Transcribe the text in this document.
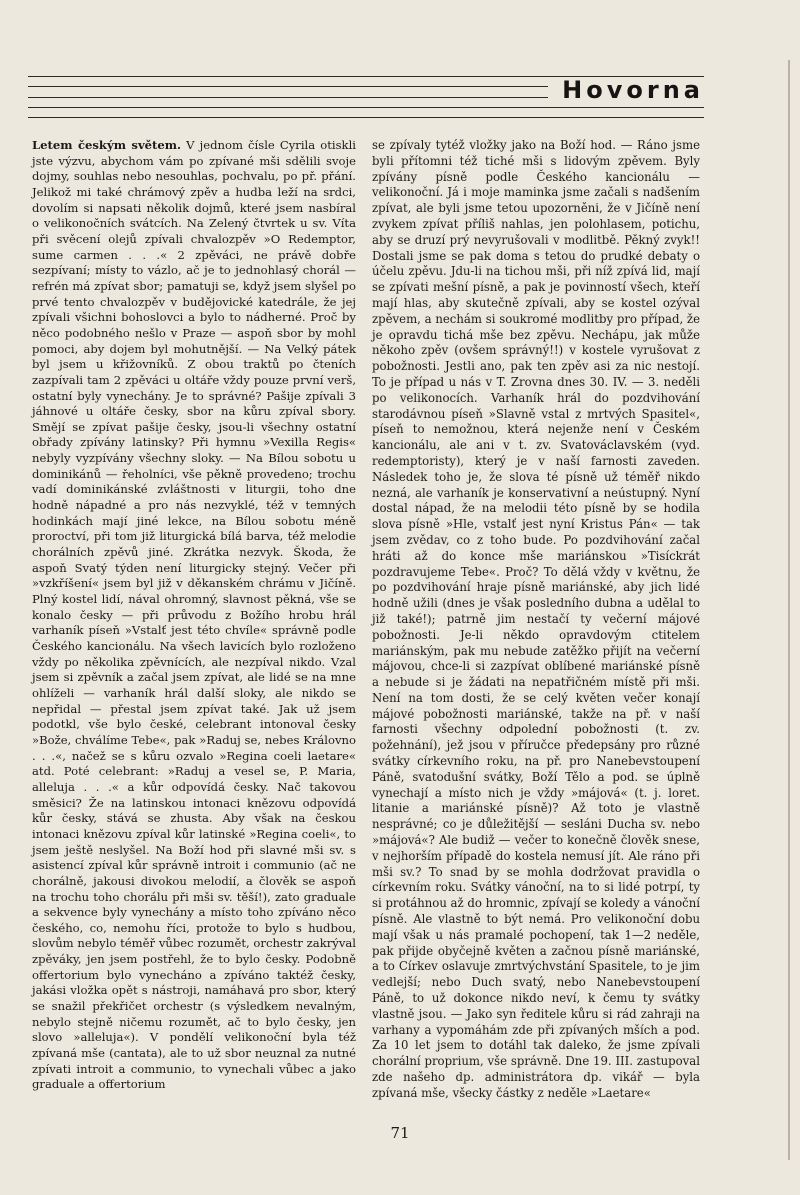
Hovorna

Letem českým světem. V jednom čísle Cyrila otiskli jste výzvu, abychom vám po zpívané mši sdělili svoje dojmy, souhlas nebo nesouhlas, pochvalu, po př. přání. Jelikož mi také chrámový zpěv a hudba leží na srdci, dovolím si napsati několik dojmů, které jsem nasbíral o velikonočních svátcích. Na Zelený čtvrtek u sv. Víta při svěcení olejů zpívali chvalozpěv »O Redemptor, sume carmen . . .« 2 zpěváci, ne právě dobře sezpívaní; místy to vázlo, ač je to jednohlasý chorál — refrén má zpívat sbor; pamatuji se, když jsem slyšel po prvé tento chvalozpěv v budějovické katedrále, že jej zpívali všichni bohoslovci a bylo to nádherné. Proč by něco podobného nešlo v Praze — aspoň sbor by mohl pomoci, aby dojem byl mohutnější. — Na Velký pátek byl jsem u křižovníků. Z obou traktů po čteních zazpívali tam 2 zpěváci u oltáře vždy pouze první verš, ostatní byly vynechány. Je to správné? Pašije zpívali 3 jáhnové u oltáře česky, sbor na kůru zpíval sbory. Smějí se zpívat pašije česky, jsou-li všechny ostatní obřady zpívány latinsky? Při hymnu »Vexilla Regis« nebyly vyzpívány všechny sloky. — Na Bílou sobotu u dominikánů — řeholníci, vše pěkně provedeno; trochu vadí dominikánské zvláštnosti v liturgii, toho dne hodně nápadné a pro nás nezvyklé, též v temných hodinkách mají jiné lekce, na Bílou sobotu méně proroctví, při tom již liturgická bílá barva, též melodie chorálních zpěvů jiné. Zkrátka nezvyk. Škoda, že aspoň Svatý týden není liturgicky stejný. Večer při »vzkříšení« jsem byl již v děkanském chrámu v Jičíně. Plný kostel lidí, nával ohromný, slavnost pěkná, vše se konalo česky — při průvodu z Božího hrobu hrál varhaník píseň »Vstalť jest této chvíle« správně podle Českého kancionálu. Na všech lavicích bylo rozloženo vždy po několika zpěvnících, ale nezpíval nikdo. Vzal jsem si zpěvník a začal jsem zpívat, ale lidé se na mne ohlíželi — varhaník hrál další sloky, ale nikdo se nepřidal — přestal jsem zpívat také. Jak už jsem podotkl, vše bylo české, celebrant intonoval česky »Bože, chválíme Tebe«, pak »Raduj se, nebes Královno . . .«, načež se s kůru ozvalo »Regina coeli laetare« atd. Poté celebrant: »Raduj a vesel se, P. Maria, alleluja . . .« a kůr odpovídá česky. Nač takovou směsici? Že na latinskou intonaci knězovu odpovídá kůr česky, stává se zhusta. Aby však na českou intonaci knězovu zpíval kůr latinské »Regina coeli«, to jsem ještě neslyšel. Na Boží hod při slavné mši sv. s asistencí zpíval kůr správně introit i communio (ač ne chorálně, jakousi divokou melodií, a člověk se aspoň na trochu toho chorálu při mši sv. těší!), zato graduale a sekvence byly vynechány a místo toho zpíváno něco českého, co, nemohu říci, protože to bylo s hudbou, slovům nebylo téměř vůbec rozumět, orchestr zakrýval zpěváky, jen jsem postřehl, že to bylo česky. Podobně offertorium bylo vynecháno a zpíváno taktéž česky, jakási vložka opět s nástroji, namáhavá pro sbor, který se snažil překřičet orchestr (s výsledkem nevalným, nebylo stejně ničemu rozumět, ač to bylo česky, jen slovo »alleluja«). V pondělí velikonoční byla též zpívaná mše (cantata), ale to už sbor neuznal za nutné zpívati introit a communio, to vynechali vůbec a jako graduale a offertorium

se zpívaly tytéž vložky jako na Boží hod. — Ráno jsme byli přítomni též tiché mši s lidovým zpěvem. Byly zpívány písně podle Českého kancionálu — velikonoční. Já i moje maminka jsme začali s nadšením zpívat, ale byli jsme tetou upozorněni, že v Jičíně není zvykem zpívat příliš nahlas, jen polohlasem, potichu, aby se druzí prý nevyrušovali v modlitbě. Pěkný zvyk!! Dostali jsme se pak doma s tetou do prudké debaty o účelu zpěvu. Jdu-li na tichou mši, při níž zpívá lid, mají se zpívati mešní písně, a pak je povinností všech, kteří mají hlas, aby skutečně zpívali, aby se kostel ozýval zpěvem, a nechám si soukromé modlitby pro případ, že je opravdu tichá mše bez zpěvu. Nechápu, jak může někoho zpěv (ovšem správný!!) v kostele vyrušovat z pobožnosti. Jestli ano, pak ten zpěv asi za nic nestojí. To je případ u nás v T. Zrovna dnes 30. IV. — 3. neděli po velikonocích. Varhaník hrál do pozdvihování starodávnou píseň »Slavně vstal z mrtvých Spasitel«, píseň to nemožnou, která nejenže není v Českém kancionálu, ale ani v t. zv. Svatováclavském (vyd. redemptoristy), který je v naší farnosti zaveden. Následek toho je, že slova té písně už téměř nikdo nezná, ale varhaník je konservativní a neústupný. Nyní dostal nápad, že na melodii této písně by se hodila slova písně »Hle, vstalť jest nyní Kristus Pán« — tak jsem zvědav, co z toho bude. Po pozdvihování začal hráti až do konce mše mariánskou »Tisíckrát pozdravujeme Tebe«. Proč? To dělá vždy v květnu, že po pozdvihování hraje písně mariánské, aby jich lidé hodně užili (dnes je však posledního dubna a udělal to již také!); patrně jim nestačí ty večerní májové pobožnosti. Je-li někdo opravdovým ctitelem mariánským, pak mu nebude zatěžko přijít na večerní májovou, chce-li si zazpívat oblíbené mariánské písně a nebude si je žádati na nepatřičném místě při mši. Není na tom dosti, že se celý květen večer konají májové pobožnosti mariánské, takže na př. v naší farnosti všechny odpolední pobožnosti (t. zv. požehnání), jež jsou v příručce předepsány pro různé svátky církevního roku, na př. pro Nanebevstoupení Páně, svatodušní svátky, Boží Tělo a pod. se úplně vynechají a místo nich je vždy »májová« (t. j. loret. litanie a mariánské písně)? Až toto je vlastně nesprávné; co je důležitější — sesláni Ducha sv. nebo »májová«? Ale budiž — večer to konečně člověk snese, v nejhorším případě do kostela nemusí jít. Ale ráno při mši sv.? To snad by se mohla dodržovat pravidla o církevním roku. Svátky vánoční, na to si lidé potrpí, ty si protáhnou až do hromnic, zpívají se koledy a vánoční písně. Ale vlastně to být nemá. Pro velikonoční dobu mají však u nás pramalé pochopení, tak 1—2 neděle, pak přijde obyčejně květen a začnou písně mariánské, a to Církev oslavuje zmrtvýchvstání Spasitele, to je jim vedlejší; nebo Duch svatý, nebo Nanebevstoupení Páně, to už dokonce nikdo neví, k čemu ty svátky vlastně jsou. — Jako syn ředitele kůru si rád zahraji na varhany a vypomáhám zde při zpívaných mších a pod. Za 10 let jsem to dotáhl tak daleko, že jsme zpívali chorální proprium, vše správně. Dne 19. III. zastupoval zde našeho dp. administrátora dp. vikář — byla zpívaná mše, všecky částky z neděle »Laetare«

71
